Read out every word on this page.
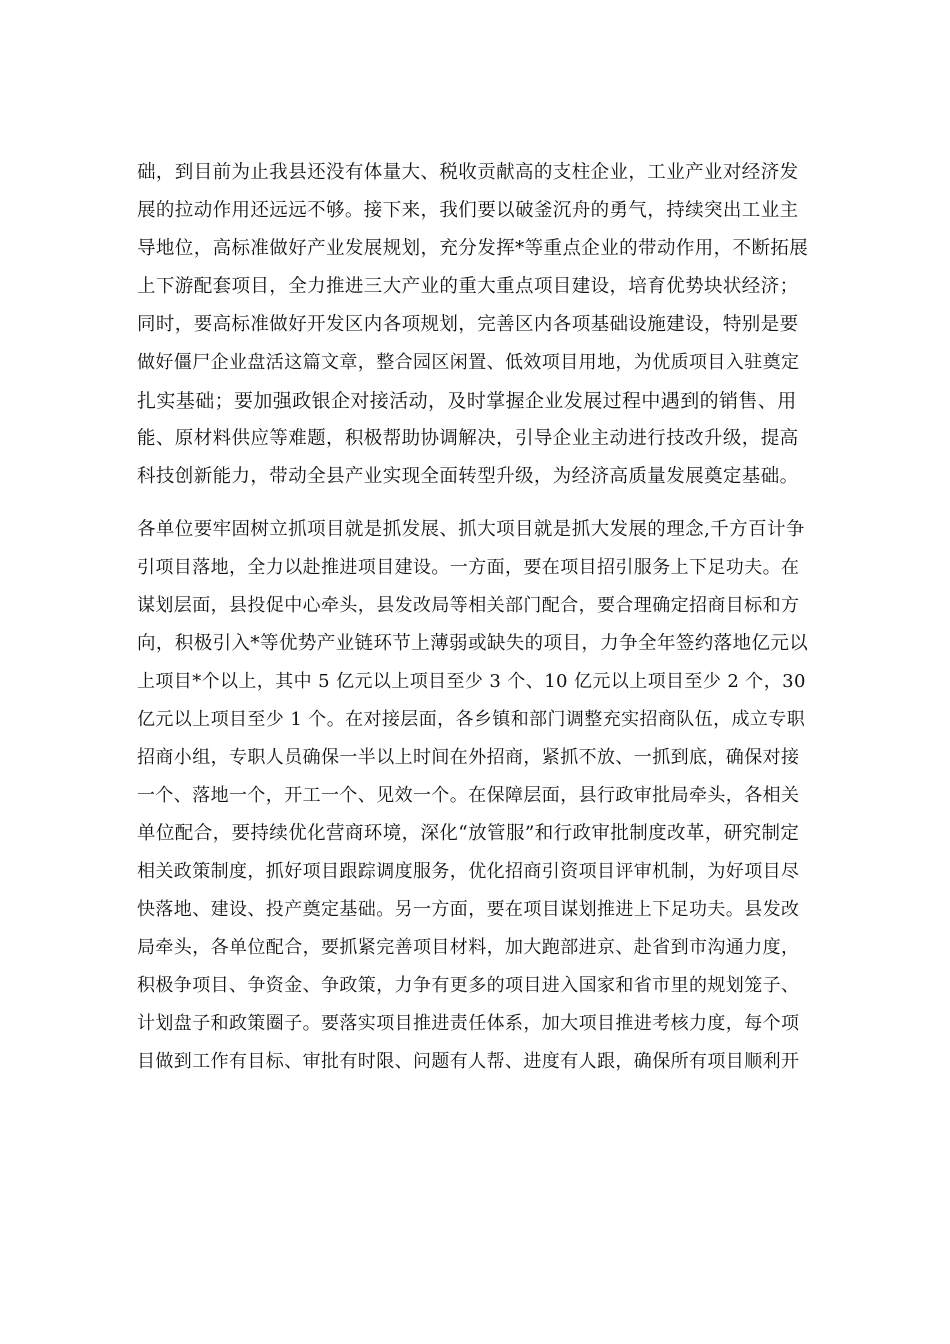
础，到目前为止我县还没有体量大、税收贡献高的支柱企业，工业产业对经济发
展的拉动作用还远远不够。接下来，我们要以破釜沉舟的勇气，持续突出工业主
导地位，高标准做好产业发展规划，充分发挥*等重点企业的带动作用，不断拓展
上下游配套项目，全力推进三大产业的重大重点项目建设，培育优势块状经济；
同时，要高标准做好开发区内各项规划，完善区内各项基础设施建设，特别是要
做好僵尸企业盘活这篇文章，整合园区闲置、低效项目用地，为优质项目入驻奠定
扎实基础；要加强政银企对接活动，及时掌握企业发展过程中遇到的销售、用
能、原材料供应等难题，积极帮助协调解决，引导企业主动进行技改升级，提高
科技创新能力，带动全县产业实现全面转型升级，为经济高质量发展奠定基础。
各单位要牢固树立抓项目就是抓发展、抓大项目就是抓大发展的理念,千方百计争
引项目落地，全力以赴推进项目建设。一方面，要在项目招引服务上下足功夫。在
谋划层面，县投促中心牵头，县发改局等相关部门配合，要合理确定招商目标和方
向，积极引入*等优势产业链环节上薄弱或缺失的项目，力争全年签约落地亿元以
上项目*个以上，其中 5 亿元以上项目至少 3 个、10 亿元以上项目至少 2 个，30
亿元以上项目至少 1 个。在对接层面，各乡镇和部门调整充实招商队伍，成立专职
招商小组，专职人员确保一半以上时间在外招商，紧抓不放、一抓到底，确保对接
一个、落地一个，开工一个、见效一个。在保障层面，县行政审批局牵头，各相关
单位配合，要持续优化营商环境，深化“放管服”和行政审批制度改革，研究制定
相关政策制度，抓好项目跟踪调度服务，优化招商引资项目评审机制，为好项目尽
快落地、建设、投产奠定基础。另一方面，要在项目谋划推进上下足功夫。县发改
局牵头，各单位配合，要抓紧完善项目材料，加大跑部进京、赴省到市沟通力度，
积极争项目、争资金、争政策，力争有更多的项目进入国家和省市里的规划笼子、
计划盘子和政策圈子。要落实项目推进责任体系，加大项目推进考核力度，每个项
目做到工作有目标、审批有时限、问题有人帮、进度有人跟，确保所有项目顺利开
